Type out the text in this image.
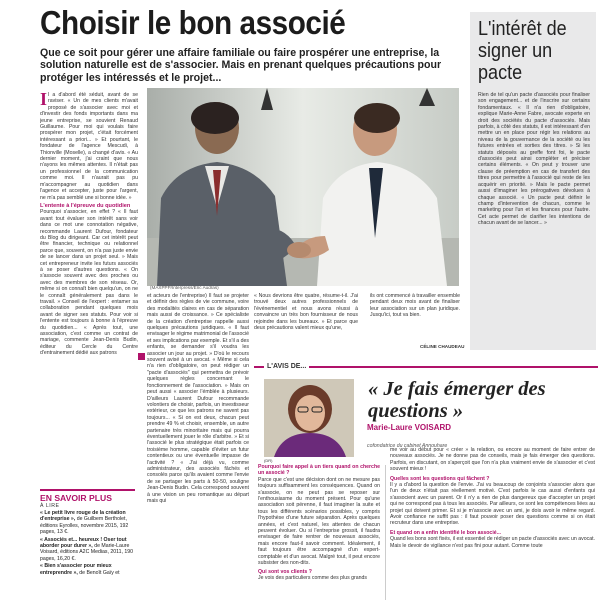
Choisir le bon associé
Que ce soit pour gérer une affaire familiale ou faire prospérer une entreprise, la solution naturelle est de s'associer. Mais en prenant quelques précautions pour protéger les intéressés et le projet...
L'intérêt de signer un pacte
Rien de tel qu'un pacte d'associés pour finaliser son engagement... et de l'inscrire sur certains fondamentaux. « Il n'a rien d'obligatoire, explique Marie-Anne Fabre, avocate experte en droit des sociétés du pacte d'associés. Mais parfois, à côté des statuts, il est intéressant d'en mettre un en place pour régir les relations au niveau de la gouvernance de la société ou les futures entrées et sorties des titres. » Si les statuts déposés au greffe font foi, le pacte d'associés peut ainsi compléter et préciser certains éléments. « On peut y trouver une clause de préemption en cas de transfert des titres pour permettre à l'associé qui reste de les acquérir en priorité. » Mais le pacte permet aussi d'imaginer les prérogatives dévolues à chaque associé. « Un pacte peut définir le champ d'intervention de chacun, comme le marketing pour l'un et les finances pour l'autre. Cet acte permet de clarifier les intentions de chacun avant de se lancer... »
I l a d'abord été séduit, avant de se raviser. « Un de mes clients m'avait proposé de s'associer avec moi et d'investir des fonds importants dans ma jeune entreprise, se souvient Renaud Guillaume. Pour moi qui voulais faire prospérer mon projet, c'était forcément intéressant a priori... » Et pourtant, le fondateur de l'agence Mescudi, à Thionville (Moselle), a changé d'avis. « Au dernier moment, j'ai craint que nous n'ayons les mêmes attentes. Il n'était pas un professionnel de la communication comme moi. Il n'aurait pas pu m'accompagner au quotidien dans l'agence et accepter, juste pour l'argent, ne m'a pas semblé une si bonne idée. »
L'entente à l'épreuve du quotidien
Pourquoi s'associer, en effet ? « Il faut avant tout évaluer son intérêt sans voir dans ce mot une connotation négative, recommande Laurent Dufour, fondateur du Blog du dirigeant. Car cet intérêt peut être financier, technique ou relationnel parce que, souvent, on n'a pas juste envie de se lancer dans un projet seul. » Mais cet entrepreneur invite les futurs associés à se poser d'autres questions. « On s'associe souvent avec des proches ou avec des membres de son réseau. Or, même si on connaît bien quelqu'un, on ne le connaît généralement pas dans le travail. » Conseil de l'expert : entamer sa collaboration pendant quelques mois avant de signer ses statuts. Pour voir si l'entente est toujours à bonne à l'épreuve du quotidien... « Après tout, une association, c'est comme un contrat de mariage, commente Jean-Denis Budin, éditeur du Cercle du Centre d'entrainement dédié aux patrons
(MAXPPP/Interpress/Eric Audras)
et acteurs de l'entreprise) Il faut se projeter et définir des règles de vie commune, voire des modalités claires en cas de séparation mais aussi de croissance. » Ce spécialiste de la création d'entreprise rappelle aussi quelques précautions juridiques. « Il faut envisager le régime matrimonial de l'associé et ses implications par exemple. Et s'il a des enfants, se demander s'il voudra les associer un jour au projet. » D'où le recours souvent avisé à un avocat. « Même si cela n'a rien d'obligatoire, on peut rédiger un "pacte d'associés" qui permettra de prévoir quelques règles concernant le fonctionnement de l'association. » Mais on peut aussi « associer l'émblée à plusieurs. D'ailleurs Laurent Dufour recommande volontiers de choisir, parfois, un investisseur extérieur, ce que les patrons ne savent pas toujours... « Si on est deux, chacun peut prendre 49 % et choisir, ensemble, un autre partenaire très minoritaire mais qui pourra éventuellement jouer le rôle d'arbitre. » Et si l'associé le plus stratégique était parfois ce troisième homme, capable d'éviter un futur contentieux ou une éventuelle impasse de l'activité ? « J'ai déjà vu, comme administrateur, des associés fâchés et consolés parce qu'ils avaient comme l'envie de se partager les parts à 50-50, souligne Jean-Denis Budin. Cela correspond souvent à une vision un peu romantique au départ mais qui
« Nous devrions être quatre, résume-t-il. J'ai trouvé deux autres professionnels de l'événementiel et nous avons réussi à convaincre un très bon fournisseur de nous rejoindre dans les bureaux. » Et parce que deux précautions valent mieux qu'une,
ils ont commencé à travailler ensemble pendant deux mois avant de finaliser leur association sur un plan juridique. Jusqu'ici, tout va bien.
CÉLINE CHAUDEAU
L'AVIS DE...
(DR)
« Je fais émerger des questions »
Marie-Laure VOISARD
cofondatrice du cabinet Annouhare
Pourquoi faire appel à un tiers quand on cherche un associé ?
Parce que c'est une décision dont on ne mesure pas toujours suffisamment les conséquences. Quand on s'associe, on ne peut pas se reposer sur l'enthousiasme du moment présent. Pour qu'une association soit pérenne, il faut imaginer la suite et tous les différents scénarios possibles, y compris l'hypothèse d'une future séparation. Après quelques années, et c'est naturel, les attentes de chacun peuvent évoluer. Ou si l'entreprise grossit, il faudra envisager de faire rentrer de nouveaux associés, mais encore faut-il savoir comment. Idéalement, il faut toujours être accompagné d'un expert-comptable et d'un avocat. Malgré tout, il peut encore subsister des non-dits.
Qui sont vos clients ?
Je vois des particuliers comme des plus grands
me voir au début pour « créer » la relation, ou encore au moment de faire entrer de nouveaux associés. Je ne donne pas de conseils, mais je fais émerger des questions. Parfois, en discutant, on s'aperçoit que l'on n'a plus vraiment envie de s'associer et c'est souvent mieux !
Quelles sont les questions qui fâchent ?
Il y a d'abord la question de l'envie. J'ai vu beaucoup de conjoints s'associer alors que l'un de deux n'était pas réellement motivé. C'est parfois le cas aussi d'enfants qui s'associent avec un parent. Or il n'y a rien de plus dangereux que d'accepter un projet qui ne correspond pas à tous les associés. Par ailleurs, ce sont les compétences liées au projet qui doivent primer. Et si je m'associe avec un ami, je dois avoir le même regard. Avoir confiance ne suffit pas : il faut pouvoir poser des questions comme si on était recruteur dans une entreprise.
Et quand on a enfin identifié le bon associé...
Quand les bons sont fixés, il est essentiel de rédiger un pacte d'associés avec un avocat. Mais le devoir de vigilance n'est pas fini pour autant. Comme toute
EN SAVOIR PLUS
À LIRE
« Le petit livre rouge de la création d'entreprise », de Guilbem Bertholet, éditions Eyrolles, novembre 2015, 192 pages, 13 €.
« Associés et... heureux ! Oser tout aborder pour durer », de Marie-Laure Voisard, éditions A2C Medias, 2011, 190 pages, 16,20 €.
« Bien s'associer pour mieux entreprendre », de Benoît Gaïy et
